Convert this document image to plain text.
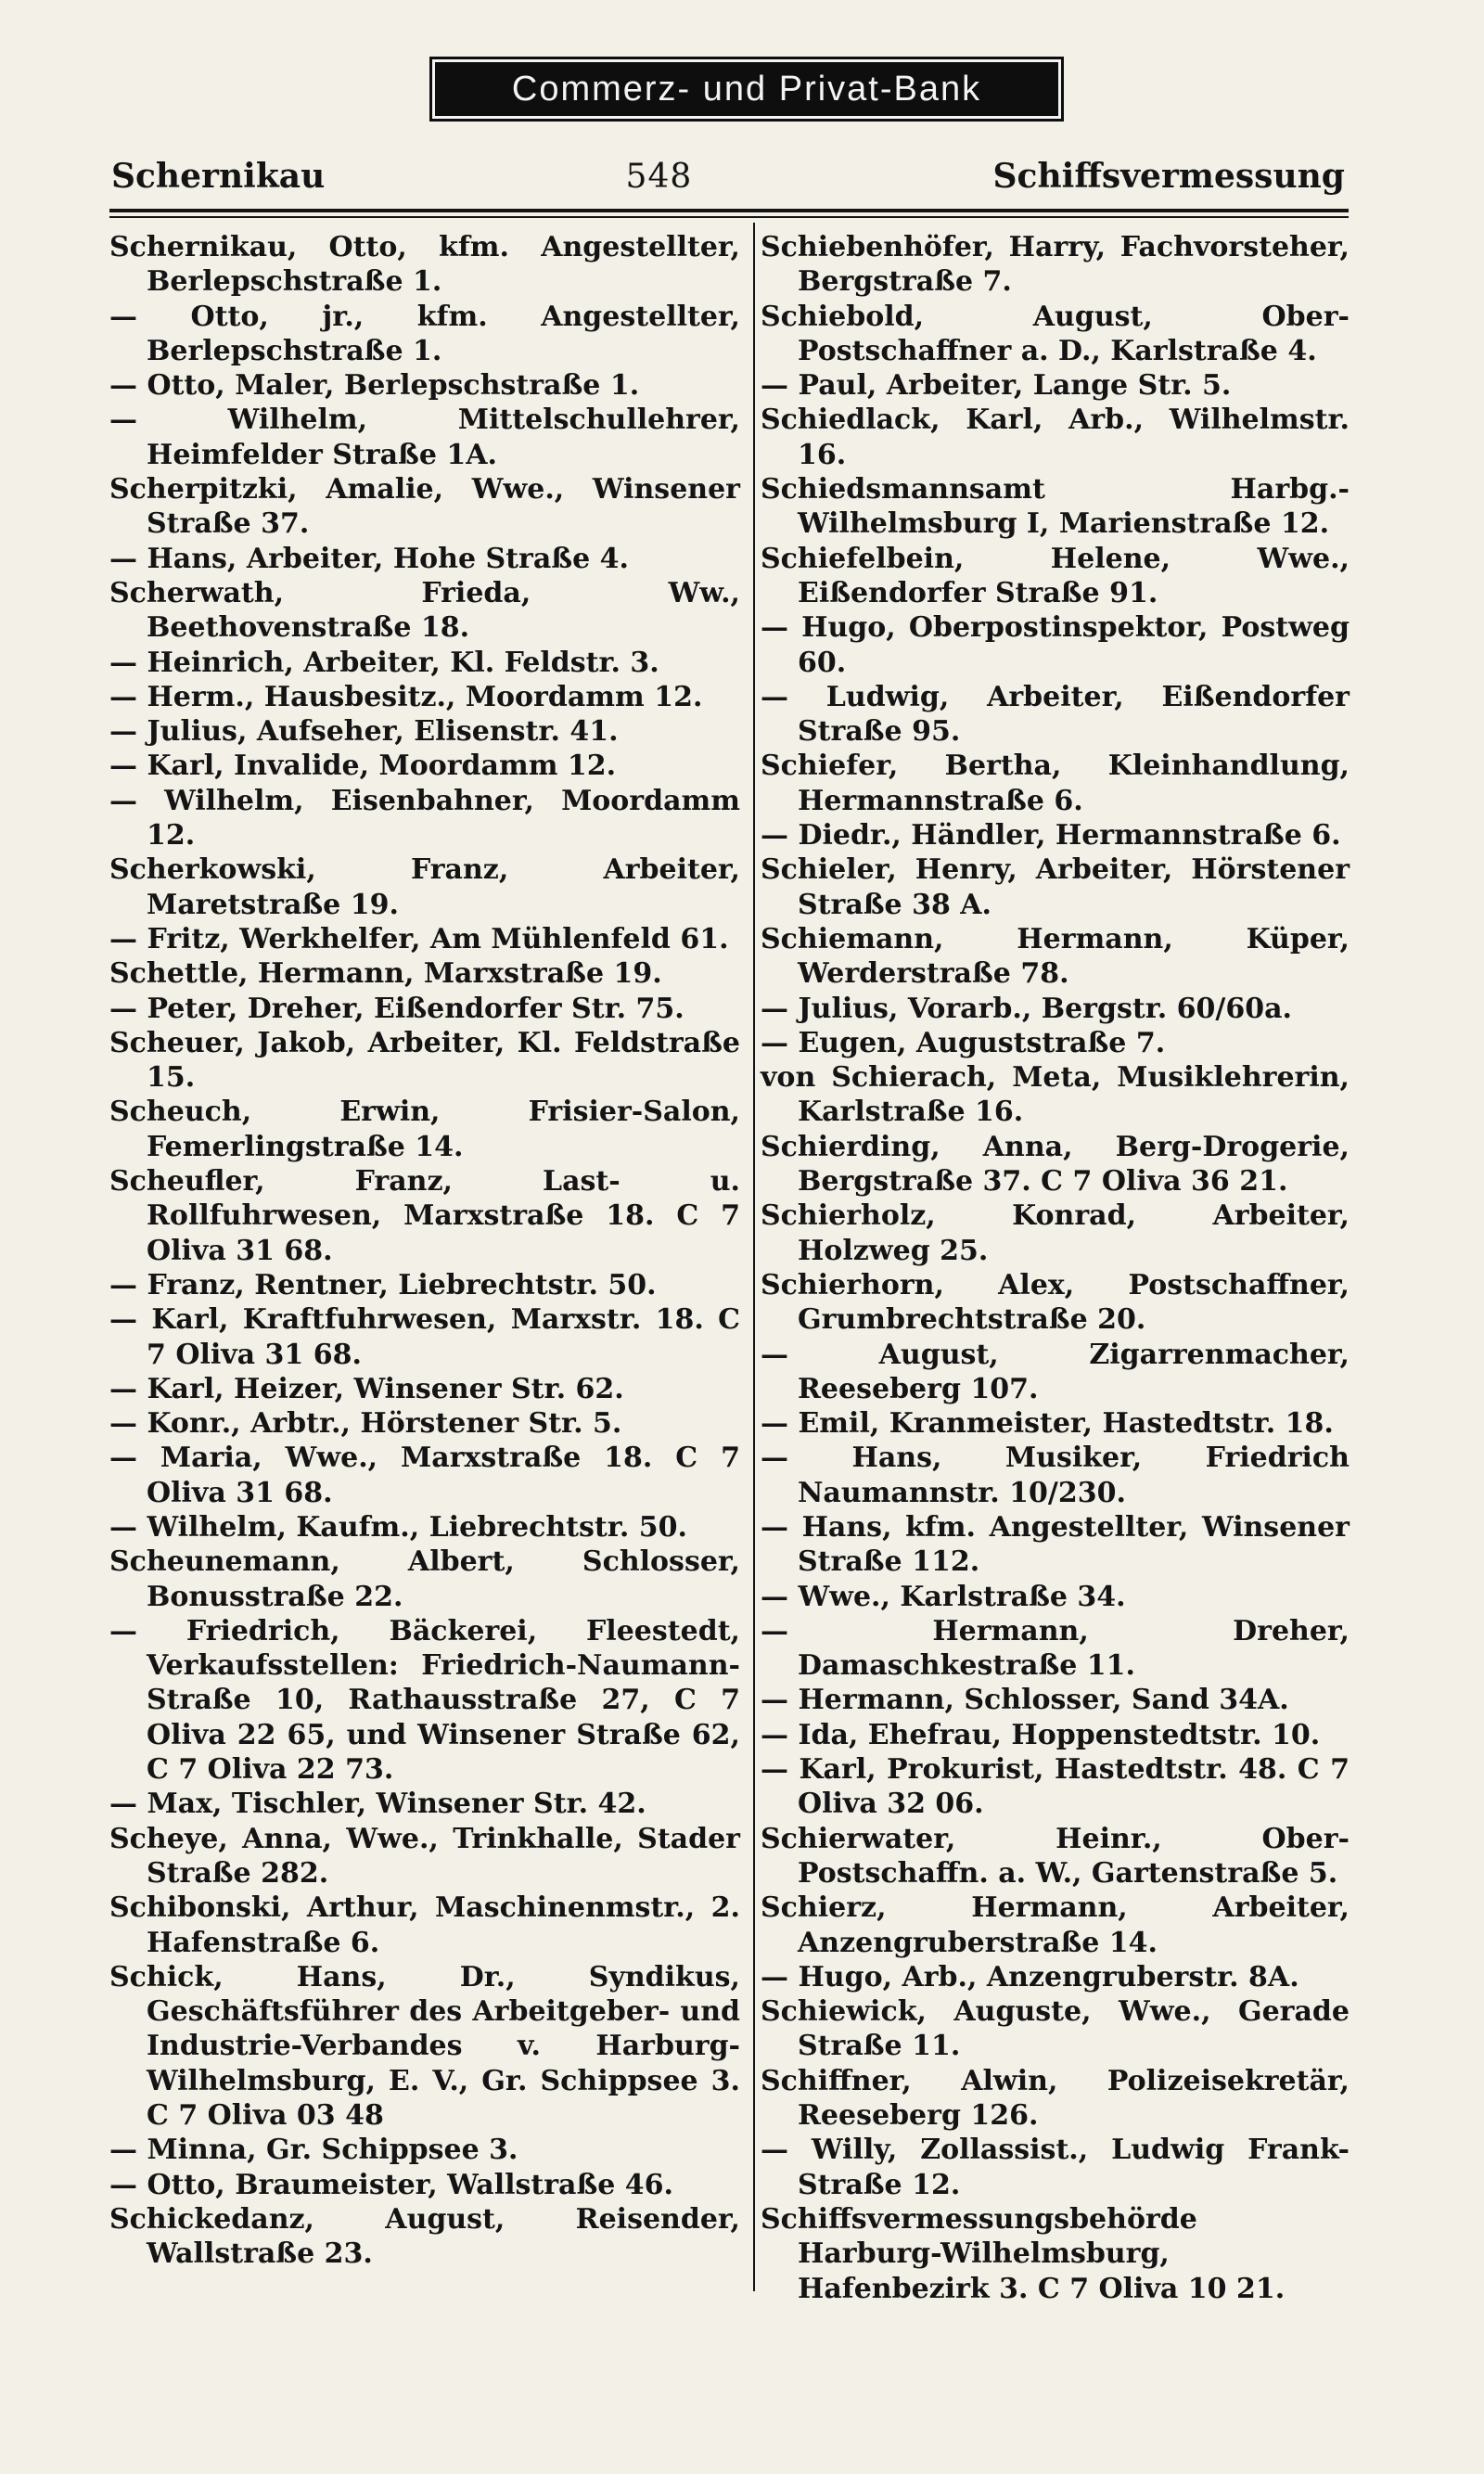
Commerz- und Privat-Bank
Schernikau	548	Schiffsvermessung
Schernikau, Otto, kfm. Angestellter, Berlepschstraße 1.
— Otto, jr., kfm. Angestellter, Berlepschstraße 1.
— Otto, Maler, Berlepschstraße 1.
— Wilhelm, Mittelschullehrer, Heimfelder Straße 1A.
Scherpitzki, Amalie, Wwe., Winsener Straße 37.
— Hans, Arbeiter, Hohe Straße 4.
Scherwath, Frieda, Ww., Beethovenstraße 18.
— Heinrich, Arbeiter, Kl. Feldstr. 3.
— Herm., Hausbesitz., Moordamm 12.
— Julius, Aufseher, Elisenstr. 41.
— Karl, Invalide, Moordamm 12.
— Wilhelm, Eisenbahner, Moordamm 12.
Scherkowski, Franz, Arbeiter, Maretstraße 19.
— Fritz, Werkhelfer, Am Mühlenfeld 61.
Schettle, Hermann, Marxstraße 19.
— Peter, Dreher, Eißendorfer Str. 75.
Scheuer, Jakob, Arbeiter, Kl. Feldstraße 15.
Scheuch, Erwin, Frisier-Salon, Femerlingstraße 14.
Scheufler, Franz, Last- u. Rollfuhrwesen, Marxstraße 18. C 7 Oliva 31 68.
— Franz, Rentner, Liebrechtstr. 50.
— Karl, Kraftfuhrwesen, Marxstr. 18. C 7 Oliva 31 68.
— Karl, Heizer, Winsener Str. 62.
— Konr., Arbtr., Hörstener Str. 5.
— Maria, Wwe., Marxstraße 18. C 7 Oliva 31 68.
— Wilhelm, Kaufm., Liebrechtstr. 50.
Scheunemann, Albert, Schlosser, Bonusstraße 22.
— Friedrich, Bäckerei, Fleestedt, Verkaufsstellen: Friedrich-Naumann-Straße 10, Rathausstraße 27, C 7 Oliva 22 65, und Winsener Straße 62, C 7 Oliva 22 73.
— Max, Tischler, Winsener Str. 42.
Scheye, Anna, Wwe., Trinkhalle, Stader Straße 282.
Schibonski, Arthur, Maschinenmstr., 2. Hafenstraße 6.
Schick, Hans, Dr., Syndikus, Geschäftsführer des Arbeitgeber- und Industrie-Verbandes v. Harburg-Wilhelmsburg, E. V., Gr. Schippsee 3. C 7 Oliva 03 48
— Minna, Gr. Schippsee 3.
— Otto, Braumeister, Wallstraße 46.
Schickedanz, August, Reisender, Wallstraße 23.
Schiebenhöfer, Harry, Fachvorsteher, Bergstraße 7.
Schiebold, August, Ober-Postschaffner a. D., Karlstraße 4.
— Paul, Arbeiter, Lange Str. 5.
Schiedlack, Karl, Arb., Wilhelmstr. 16.
Schiedsmannsamt Harbg.-Wilhelmsburg I, Marienstraße 12.
Schiefelbein, Helene, Wwe., Eißendorfer Straße 91.
— Hugo, Oberpostinspektor, Postweg 60.
— Ludwig, Arbeiter, Eißendorfer Straße 95.
Schiefer, Bertha, Kleinhandlung, Hermannstraße 6.
— Diedr., Händler, Hermannstraße 6.
Schieler, Henry, Arbeiter, Hörstener Straße 38 A.
Schiemann, Hermann, Küper, Werderstraße 78.
— Julius, Vorarb., Bergstr. 60/60a.
— Eugen, Auguststraße 7.
von Schierach, Meta, Musiklehrerin, Karlstraße 16.
Schierding, Anna, Berg-Drogerie, Bergstraße 37. C 7 Oliva 36 21.
Schierholz, Konrad, Arbeiter, Holzweg 25.
Schierhorn, Alex, Postschaffner, Grumbrechtstraße 20.
— August, Zigarrenmacher, Reeseberg 107.
— Emil, Kranmeister, Hastedtstr. 18.
— Hans, Musiker, Friedrich Naumannstr. 10/230.
— Hans, kfm. Angestellter, Winsener Straße 112.
— Wwe., Karlstraße 34.
— Hermann, Dreher, Damaschkestraße 11.
— Hermann, Schlosser, Sand 34A.
— Ida, Ehefrau, Hoppenstedtstr. 10.
— Karl, Prokurist, Hastedtstr. 48. C 7 Oliva 32 06.
Schierwater, Heinr., Ober-Postschaffn. a. W., Gartenstraße 5.
Schierz, Hermann, Arbeiter, Anzengruberstraße 14.
— Hugo, Arb., Anzengruberstr. 8A.
Schiewick, Auguste, Wwe., Gerade Straße 11.
Schiffner, Alwin, Polizeisekretär, Reeseberg 126.
— Willy, Zollassist., Ludwig Frank-Straße 12.
Schiffsvermessungsbehörde Harburg-Wilhelmsburg, Hafenbezirk 3. C 7 Oliva 10 21.
